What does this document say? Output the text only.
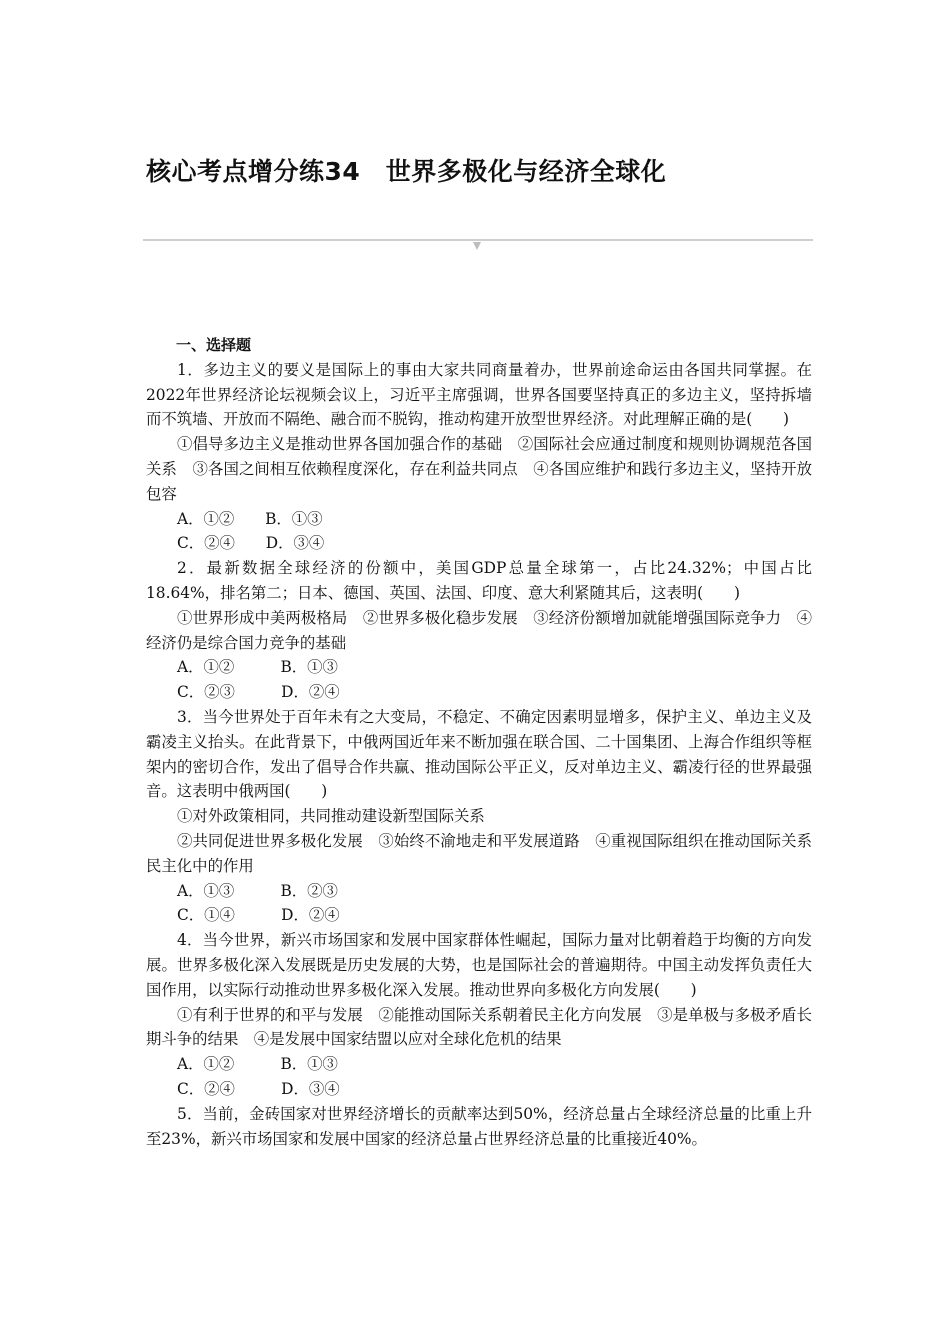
核心考点增分练34　世界多极化与经济全球化

一、选择题

1．多边主义的要义是国际上的事由大家共同商量着办，世界前途命运由各国共同掌握。在2022年世界经济论坛视频会议上，习近平主席强调，世界各国要坚持真正的多边主义，坚持拆墙而不筑墙、开放而不隔绝、融合而不脱钩，推动构建开放型世界经济。对此理解正确的是(　　)

①倡导多边主义是推动世界各国加强合作的基础　②国际社会应通过制度和规则协调规范各国关系　③各国之间相互依赖程度深化，存在利益共同点　④各国应维护和践行多边主义，坚持开放包容

A．①②　　B．①③

C．②④　　D．③④

2．最新数据全球经济的份额中，美国GDP总量全球第一，占比24.32%；中国占比18.64%，排名第二；日本、德国、英国、法国、印度、意大利紧随其后，这表明(　　)

①世界形成中美两极格局　②世界多极化稳步发展　③经济份额增加就能增强国际竞争力　④经济仍是综合国力竞争的基础

A．①②　　　B．①③

C．②③　　　D．②④

3．当今世界处于百年未有之大变局，不稳定、不确定因素明显增多，保护主义、单边主义及霸凌主义抬头。在此背景下，中俄两国近年来不断加强在联合国、二十国集团、上海合作组织等框架内的密切合作，发出了倡导合作共赢、推动国际公平正义，反对单边主义、霸凌行径的世界最强音。这表明中俄两国(　　)

①对外政策相同，共同推动建设新型国际关系

②共同促进世界多极化发展　③始终不渝地走和平发展道路　④重视国际组织在推动国际关系民主化中的作用

A．①③　　　B．②③

C．①④　　　D．②④

4．当今世界，新兴市场国家和发展中国家群体性崛起，国际力量对比朝着趋于均衡的方向发展。世界多极化深入发展既是历史发展的大势，也是国际社会的普遍期待。中国主动发挥负责任大国作用，以实际行动推动世界多极化深入发展。推动世界向多极化方向发展(　　)

①有利于世界的和平与发展　②能推动国际关系朝着民主化方向发展　③是单极与多极矛盾长期斗争的结果　④是发展中国家结盟以应对全球化危机的结果

A．①②　　　B．①③

C．②④　　　D．③④

5．当前，金砖国家对世界经济增长的贡献率达到50%，经济总量占全球经济总量的比重上升至23%，新兴市场国家和发展中国家的经济总量占世界经济总量的比重接近40%。
